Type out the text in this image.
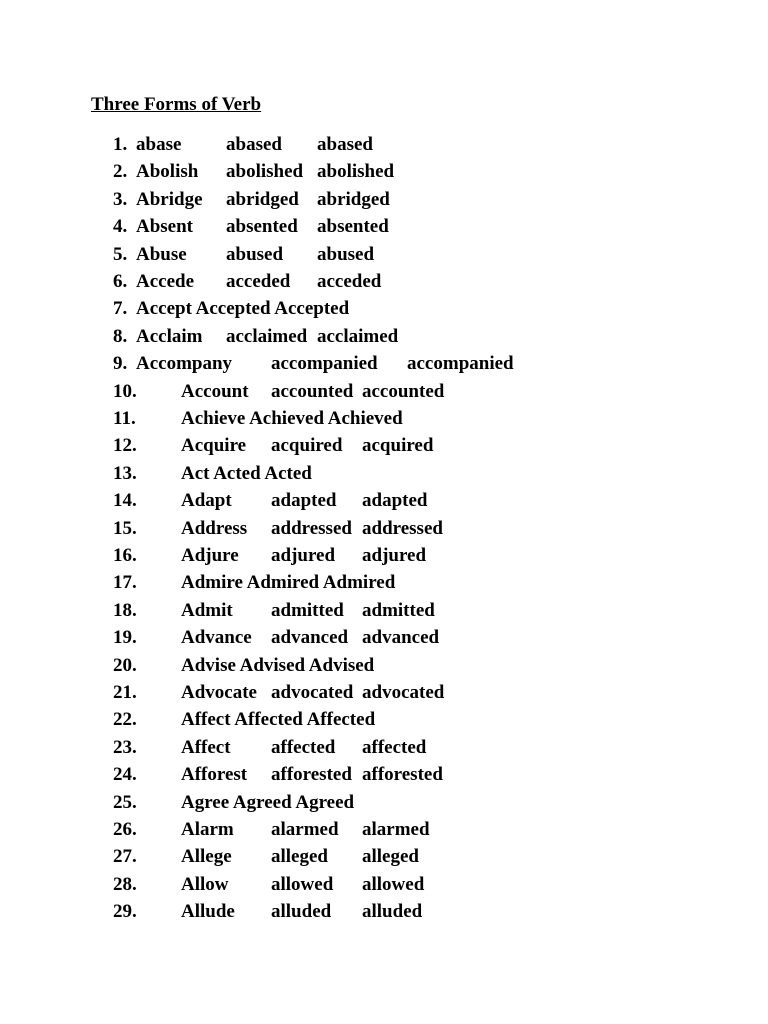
Three Forms of Verb
1. abase abased abased
2. Abolish abolished abolished
3. Abridge abridged abridged
4. Absent absented absented
5. Abuse abused abused
6. Accede acceded acceded
7. Accept Accepted Accepted
8. Acclaim acclaimed acclaimed
9. Accompany accompanied accompanied
10. Account accounted accounted
11. Achieve Achieved Achieved
12. Acquire acquired acquired
13. Act Acted Acted
14. Adapt adapted adapted
15. Address addressed addressed
16. Adjure adjured adjured
17. Admire Admired Admired
18. Admit admitted admitted
19. Advance advanced advanced
20. Advise Advised Advised
21. Advocate advocated advocated
22. Affect Affected Affected
23. Affect affected affected
24. Afforest afforested afforested
25. Agree Agreed Agreed
26. Alarm alarmed alarmed
27. Allege alleged alleged
28. Allow allowed allowed
29. Allude alluded alluded
